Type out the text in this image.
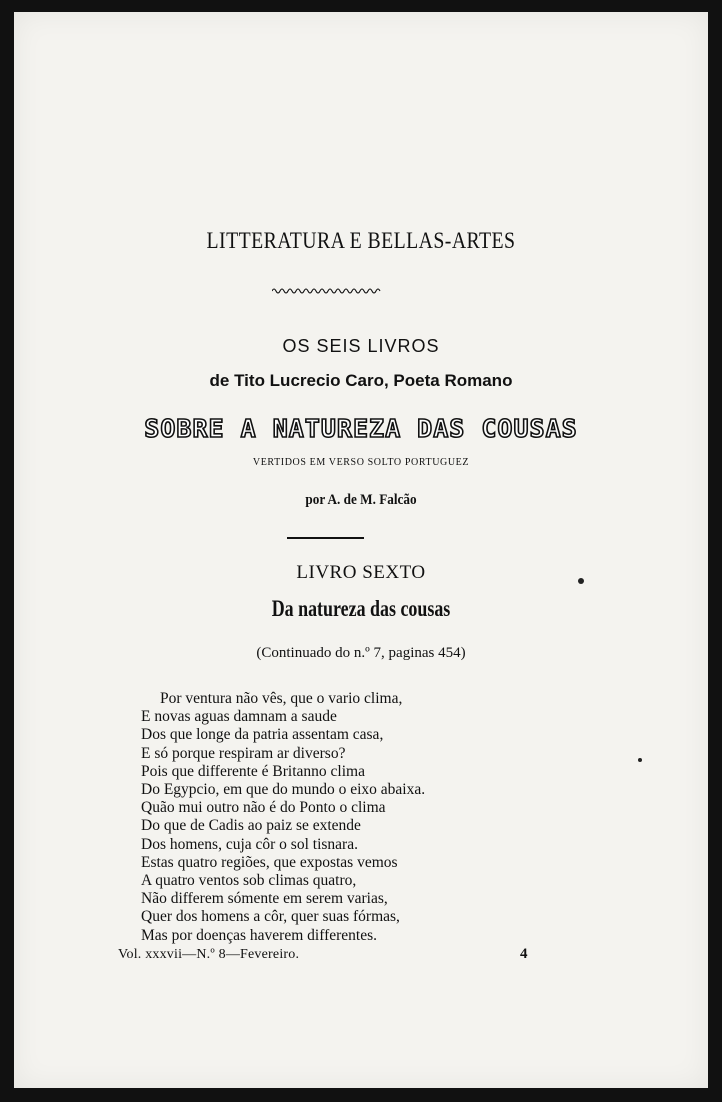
LITTERATURA E BELLAS-ARTES
OS SEIS LIVROS
de Tito Lucrecio Caro, Poeta Romano
SOBRE A NATUREZA DAS COUSAS
VERTIDOS EM VERSO SOLTO PORTUGUEZ
por A. de M. Falcão
LIVRO SEXTO
Da natureza das cousas
(Continuado do n.º 7, paginas 454)
Por ventura não vês, que o vario clima,
E novas aguas damnam a saude
Dos que longe da patria assentam casa,
E só porque respiram ar diverso?
Pois que differente é Britanno clima
Do Egypcio, em que do mundo o eixo abaixa.
Quão mui outro não é do Ponto o clima
Do que de Cadis ao paiz se extende
Dos homens, cuja côr o sol tisnara.
Estas quatro regiões, que expostas vemos
A quatro ventos sob climas quatro,
Não differem sómente em serem varias,
Quer dos homens a côr, quer suas fórmas,
Mas por doenças haverem differentes.
Vol. xxxvii—N.º 8—Fevereiro.	4
